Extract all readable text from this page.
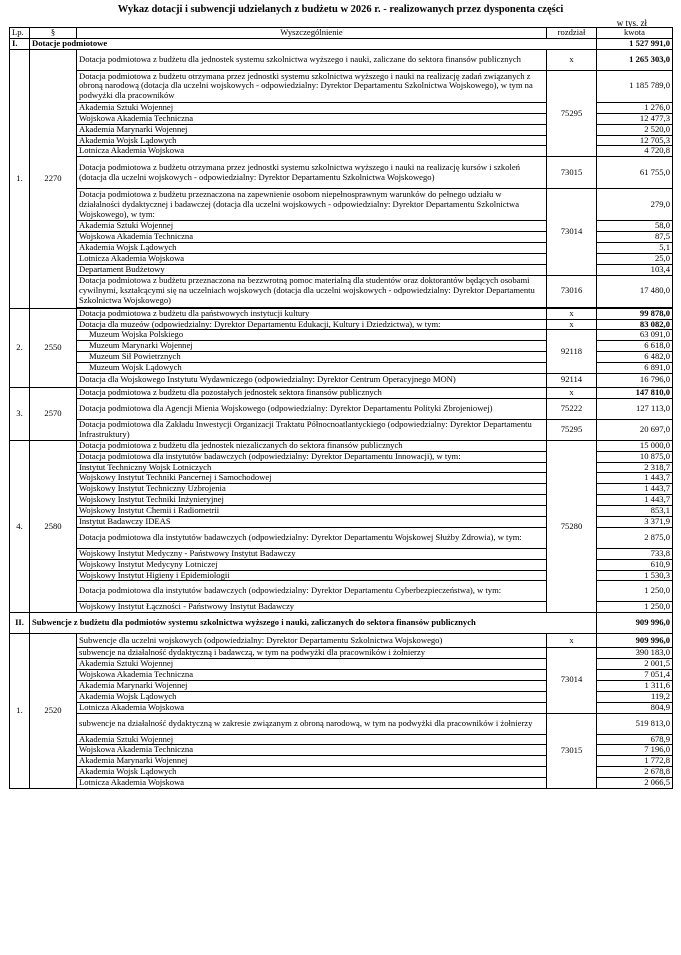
Wykaz dotacji i subwencji udzielanych z budżetu w 2026 r. - realizowanych przez dysponenta części
w tys. zł
Lp.	§	Wyszczególnienie	rozdział	kwota
I.	Dotacje podmiotowe			1 527 991,0
1.	2270	Dotacja podmiotowa z budżetu dla jednostek systemu szkolnictwa wyższego i nauki, zaliczane do sektora finansów publicznych	x	1 265 303,0
		Dotacja podmiotowa z budżetu otrzymana przez jednostki systemu szkolnictwa wyższego i nauki na realizację zadań związanych z obroną narodową (dotacja dla uczelni wojskowych - odpowiedzialny: Dyrektor Departamentu Szkolnictwa Wojskowego), w tym na podwyżki dla pracowników	75295	1 185 789,0
		Akademia Sztuki Wojennej		1 276,0
		Wojskowa Akademia Techniczna		12 477,3
		Akademia Marynarki Wojennej		2 520,0
		Akademia Wojsk Lądowych		12 705,3
		Lotnicza Akademia Wojskowa		4 720,8
		Dotacja podmiotowa z budżetu otrzymana przez jednostki systemu szkolnictwa wyższego i nauki na realizację kursów i szkoleń (dotacja dla uczelni wojskowych - odpowiedzialny: Dyrektor Departamentu Szkolnictwa Wojskowego)	73015	61 755,0
		Dotacja podmiotowa z budżetu przeznaczona na zapewnienie osobom niepełnosprawnym warunków do pełnego udziału w działalności dydaktycznej i badawczej (dotacja dla uczelni wojskowych - odpowiedzialny: Dyrektor Departamentu Szkolnictwa Wojskowego), w tym:	73014	279,0
		Akademia Sztuki Wojennej		58,0
		Wojskowa Akademia Techniczna		87,5
		Akademia Wojsk Lądowych		5,1
		Lotnicza Akademia Wojskowa		25,0
		Departament Budżetowy		103,4
		Dotacja podmiotowa z budżetu przeznaczona na bezzwrotną pomoc materialną dla studentów oraz doktorantów będących osobami cywilnymi, kształcącymi się na uczelniach wojskowych (dotacja dla uczelni wojskowych - odpowiedzialny: Dyrektor Departamentu Szkolnictwa Wojskowego)	73016	17 480,0

2.	2550	Dotacja podmiotowa z budżetu dla państwowych instytucji kultury	x	99 878,0
		Dotacja dla muzeów (odpowiedzialny: Dyrektor Departamentu Edukacji, Kultury i Dziedzictwa), w tym:	x	83 082,0
		Muzeum Wojska Polskiego	92118	63 091,0
		Muzeum Marynarki Wojennej		6 618,0
		Muzeum Sił Powietrznych		6 482,0
		Muzeum Wojsk Lądowych		6 891,0
		Dotacja dla Wojskowego Instytutu Wydawniczego (odpowiedzialny: Dyrektor Centrum Operacyjnego MON)	92114	16 796,0
3.	2570	Dotacja podmiotowa z budżetu dla pozostałych jednostek sektora finansów publicznych	x	147 810,0
		Dotacja podmiotowa dla Agencji Mienia Wojskowego (odpowiedzialny: Dyrektor Departamentu Polityki Zbrojeniowej)	75222	127 113,0
		Dotacja podmiotowa dla Zakładu Inwestycji Organizacji Traktatu Północnoatlantyckiego (odpowiedzialny: Dyrektor Departamentu Infrastruktury)	75295	20 697,0
4.	2580	Dotacja podmiotowa z budżetu dla jednostek niezaliczanych do sektora finansów publicznych	75280	15 000,0
		Dotacja podmiotowa dla instytutów badawczych (odpowiedzialny: Dyrektor Departamentu Innowacji), w tym:		10 875,0
		Instytut Techniczny Wojsk Lotniczych		2 318,7
		Wojskowy Instytut Techniki Pancernej i Samochodowej		1 443,7
		Wojskowy Instytut Techniczny Uzbrojenia		1 443,7
		Wojskowy Instytut Techniki Inżynieryjnej		1 443,7
		Wojskowy Instytut Chemii i Radiometrii		853,1
		Instytut Badawczy IDEAS		3 371,9
		Dotacja podmiotowa dla instytutów badawczych (odpowiedzialny: Dyrektor Departamentu Wojskowej Służby Zdrowia), w tym:		2 875,0
		Wojskowy Instytut Medyczny - Państwowy Instytut Badawczy		733,8
		Wojskowy Instytut Medycyny Lotniczej		610,9
		Wojskowy Instytut Higieny i Epidemiologii		1 530,3
		Dotacja podmiotowa dla instytutów badawczych (odpowiedzialny: Dyrektor Departamentu Cyberbezpieczeństwa), w tym:		1 250,0
		Wojskowy Instytut Łączności - Państwowy Instytut Badawczy		1 250,0
II.	Subwencje z budżetu dla podmiotów systemu szkolnictwa wyższego i nauki, zaliczanych do sektora finansów publicznych			909 996,0
1.	2520	Subwencje dla uczelni wojskowych (odpowiedzialny: Dyrektor Departamentu Szkolnictwa Wojskowego)	x	909 996,0
		subwencje na działalność dydaktyczną i badawczą, w tym na podwyżki dla pracowników i żołnierzy	73014	390 183,0
		Akademia Sztuki Wojennej		2 001,5
		Wojskowa Akademia Techniczna		7 051,4
		Akademia Marynarki Wojennej		1 311,6
		Akademia Wojsk Lądowych		119,2
		Lotnicza Akademia Wojskowa		804,9
		subwencje na działalność dydaktyczną w zakresie związanym z obroną narodową, w tym na podwyżki dla pracowników i żołnierzy	73015	519 813,0
		Akademia Sztuki Wojennej		678,9
		Wojskowa Akademia Techniczna		7 196,0
		Akademia Marynarki Wojennej		1 772,8
		Akademia Wojsk Lądowych		2 678,8
		Lotnicza Akademia Wojskowa		2 066,5
